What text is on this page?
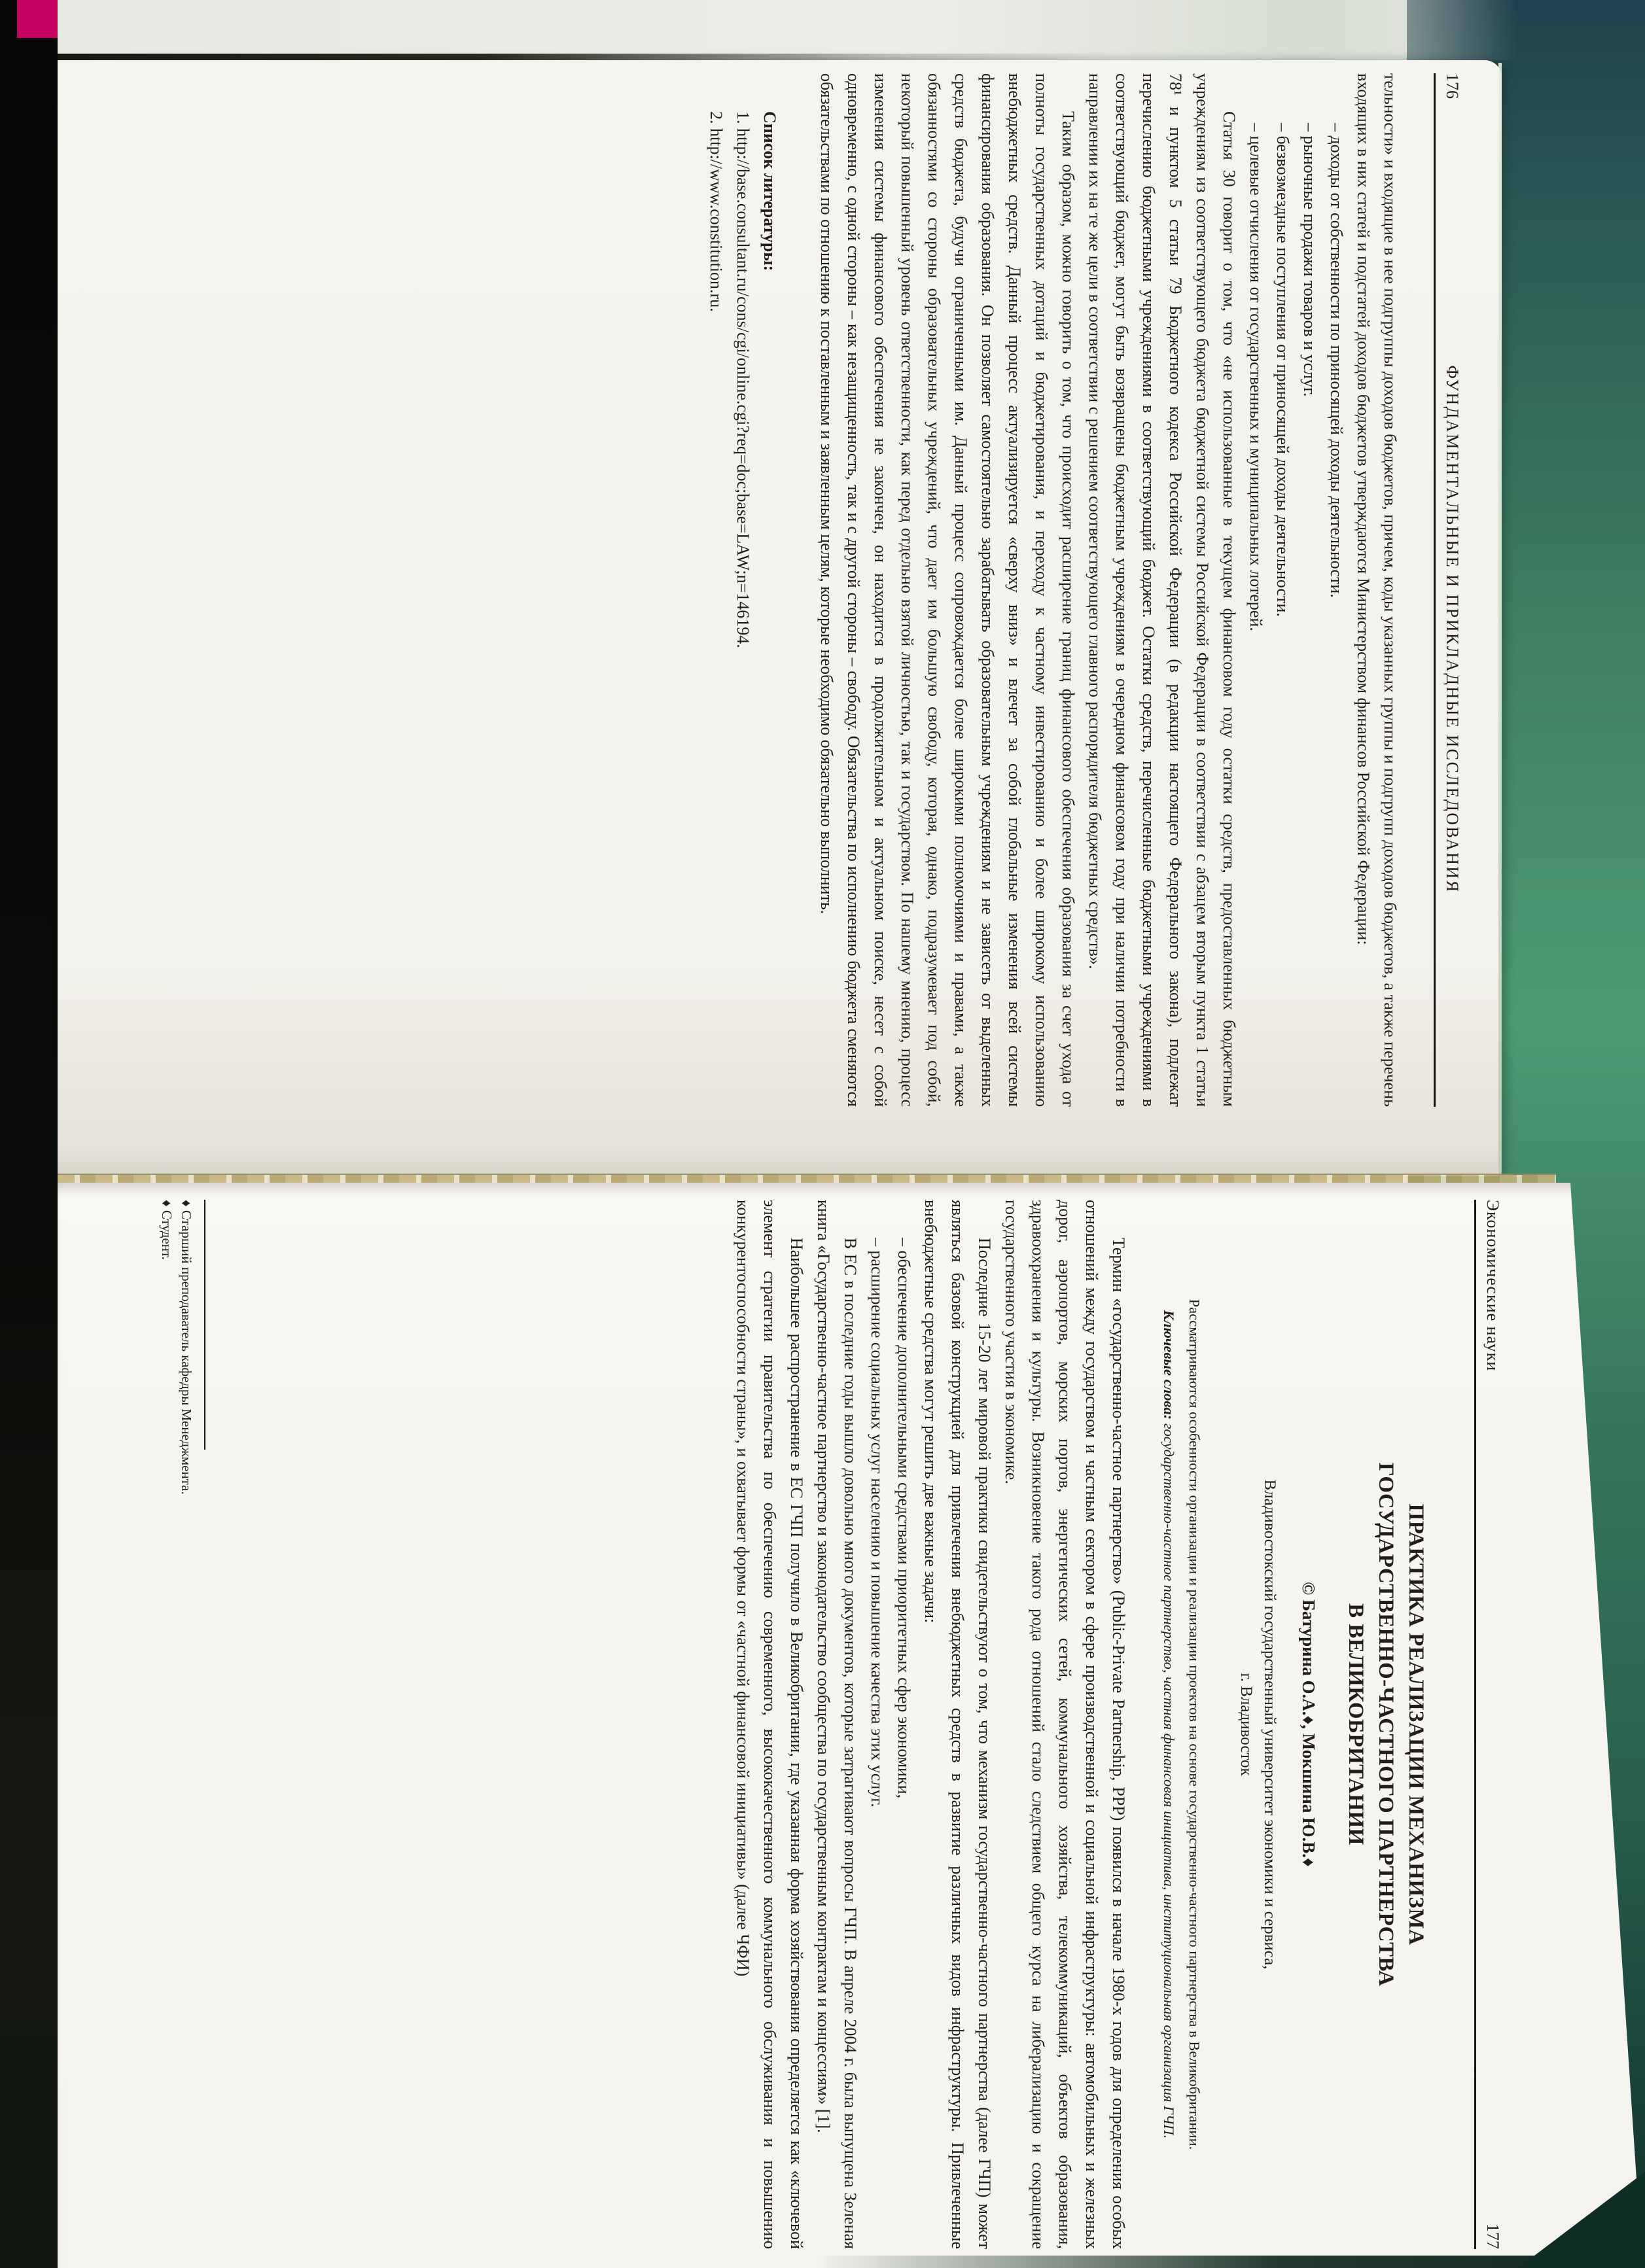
176
ФУНДАМЕНТАЛЬНЫЕ И ПРИКЛАДНЫЕ ИССЛЕДОВАНИЯ

тельности» и входящие в нее подгруппы доходов бюджетов, причем, коды указанных группы и подгрупп доходов бюджетов, а также перечень входящих в них статей и подстатей доходов бюджетов утверждаются Министерством финансов Российской Федерации:

– доходы от собственности по приносящей доходы деятельности.
– рыночные продажи товаров и услуг.
– безвозмездные поступления от приносящей доходы деятельности.
– целевые отчисления от государственных и муниципальных лотерей.

Статья 30 говорит о том, что «не использованные в текущем финансовом году остатки средств, предоставленных бюджетным учреждениям из соответствующего бюджета бюджетной системы Российской Федерации в соответствии с абзацем вторым пункта 1 статьи 78¹ и пунктом 5 статьи 79 Бюджетного кодекса Российской Федерации (в редакции настоящего Федерального закона), подлежат перечислению бюджетными учреждениями в соответствующий бюджет. Остатки средств, перечисленные бюджетными учреждениями в соответствующий бюджет, могут быть возвращены бюджетным учреждениям в очередном финансовом году при наличии потребности в направлении их на те же цели в соответствии с решением соответствующего главного распорядителя бюджетных средств».

Таким образом, можно говорить о том, что происходит расширение границ финансового обеспечения образования за счет ухода от полноты государственных дотаций и бюджетирования, и переходу к частному инвестированию и более широкому использованию внебюджетных средств. Данный процесс актуализируется «сверху вниз» и влечет за собой глобальные изменения всей системы финансирования образования. Он позволяет самостоятельно зарабатывать образовательным учреждениям и не зависеть от выделенных средств бюджета, будучи ограниченными им. Данный процесс сопровождается более широкими полномочиями и правами, а также обязанностями со стороны образовательных учреждений, что дает им большую свободу, которая, однако, подразумевает под собой, некоторый повышенный уровень ответственности, как перед отдельно взятой личностью, так и государством. По нашему мнению, процесс изменения системы финансового обеспечения не закончен, он находится в продолжительном и актуальном поиске, несет с собой одновременно, с одной стороны – как незащищенность, так и с другой стороны – свободу. Обязательства по исполнению бюджета сменяются обязательствами по отношению к поставленным и заявленным целям, которые необходимо обязательно выполнить.

Список литературы:
1. http://base.consultant.ru/cons/cgi/online.cgi?req=doc;base=LAW;n=146194.
2. http://www.constitution.ru.
Экономические науки
177
ПРАКТИКА РЕАЛИЗАЦИИ МЕХАНИЗМА
ГОСУДАРСТВЕННО-ЧАСТНОГО ПАРТНЕРСТВА
В ВЕЛИКОБРИТАНИИ
© Батурина О.А.♦, Мокшина Ю.В.♦
Владивостокский государственный университет экономики и сервиса,
г. Владивосток
Рассматриваются особенности организации и реализации проектов на основе государственно-частного партнерства в Великобритании.
Ключевые слова: государственно-частное партнерство, частная финансовая инициатива, институциональная организация ГЧП.

Термин «государственно-частное партнерство» (Public-Private Partnership, PPP) появился в начале 1980-х годов для определения особых отношений между государством и частным сектором в сфере производственной и социальной инфраструктуры: автомобильных и железных дорог, аэропортов, морских портов, энергетических сетей, коммунального хозяйства, телекоммуникаций, объектов образования, здравоохранения и культуры. Возникновение такого рода отношений стало следствием общего курса на либерализацию и сокращение государственного участия в экономике.

Последние 15-20 лет мировой практики свидетельствуют о том, что механизм государственно-частного партнерства (далее ГЧП) может являться базовой конструкцией для привлечения внебюджетных средств в развитие различных видов инфраструктуры. Привлеченные внебюджетные средства могут решить две важные задачи:

– обеспечение дополнительными средствами приоритетных сфер экономики,
– расширение социальных услуг населению и повышение качества этих услуг.

В ЕС в последние годы вышло довольно много документов, которые затрагивают вопросы ГЧП. В апреле 2004 г. была выпущена Зеленая книга «Государственно-частное партнерство и законодательство сообщества по государственным контрактам и концессиям» [1].

Наибольшее распространение в ЕС ГЧП получило в Великобритании, где указанная форма хозяйствования определяется как «ключевой элемент стратегии правительства по обеспечению современного, высококачественного коммунального обслуживания и повышению конкурентоспособности страны», и охватывает формы от «частной финансовой инициативы» (далее ЧФИ)

♦ Старший преподаватель кафедры Менеджмента.
♦ Студент.
